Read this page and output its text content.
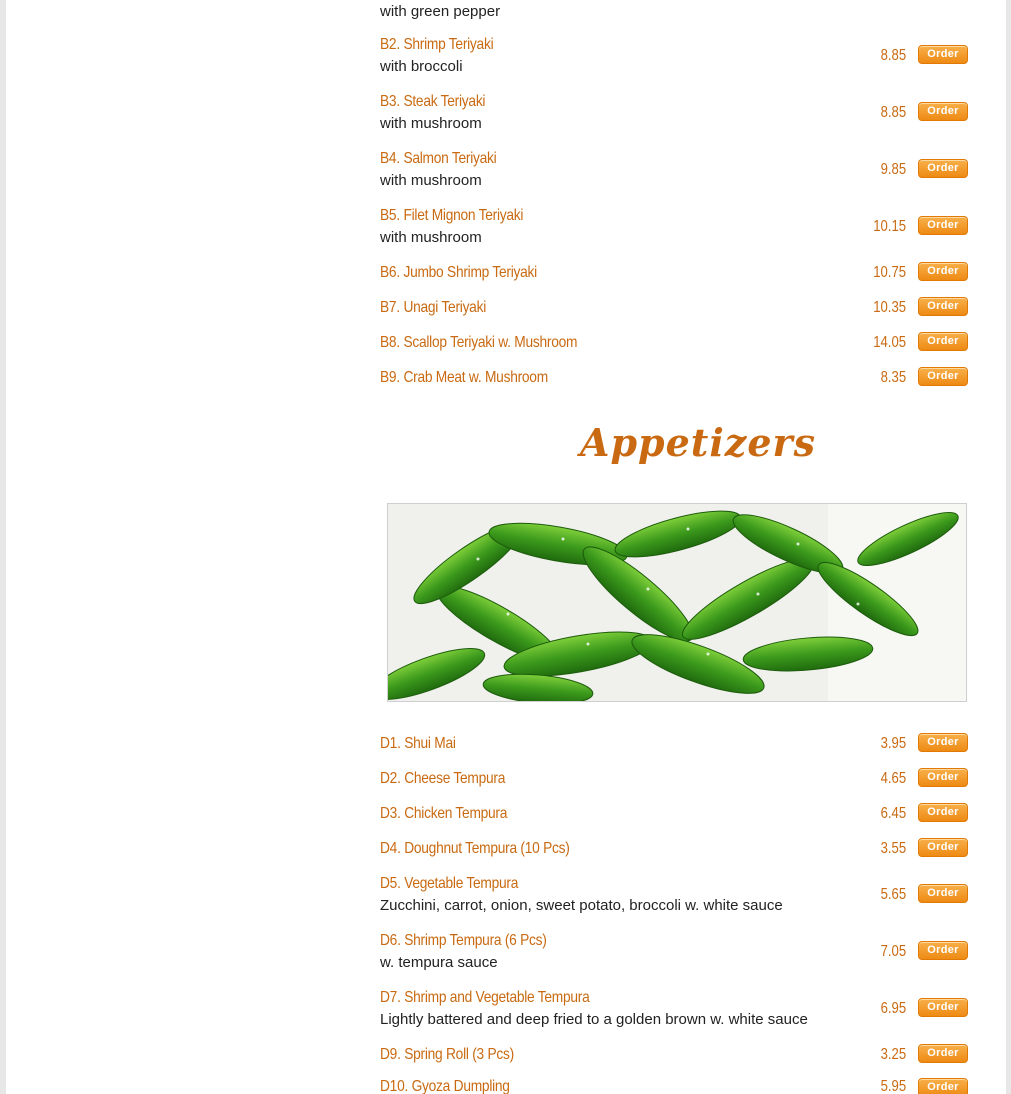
with green pepper
B2. Shrimp Teriyaki
with broccoli
8.85	Order
B3. Steak Teriyaki
with mushroom
8.85	Order
B4. Salmon Teriyaki
with mushroom
9.85	Order
B5. Filet Mignon Teriyaki
with mushroom
10.15	Order
B6. Jumbo Shrimp Teriyaki	10.75	Order
B7. Unagi Teriyaki	10.35	Order
B8. Scallop Teriyaki w. Mushroom	14.05	Order
B9. Crab Meat w. Mushroom	8.35	Order
Appetizers
D1. Shui Mai	3.95	Order
D2. Cheese Tempura	4.65	Order
D3. Chicken Tempura	6.45	Order
D4. Doughnut Tempura (10 Pcs)	3.55	Order
D5. Vegetable Tempura
Zucchini, carrot, onion, sweet potato, broccoli w. white sauce
5.65	Order
D6. Shrimp Tempura (6 Pcs)
w. tempura sauce
7.05	Order
D7. Shrimp and Vegetable Tempura
Lightly battered and deep fried to a golden brown w. white sauce
6.95	Order
D9. Spring Roll (3 Pcs)	3.25	Order
D10. Gyoza Dumpling	5.95	Order
